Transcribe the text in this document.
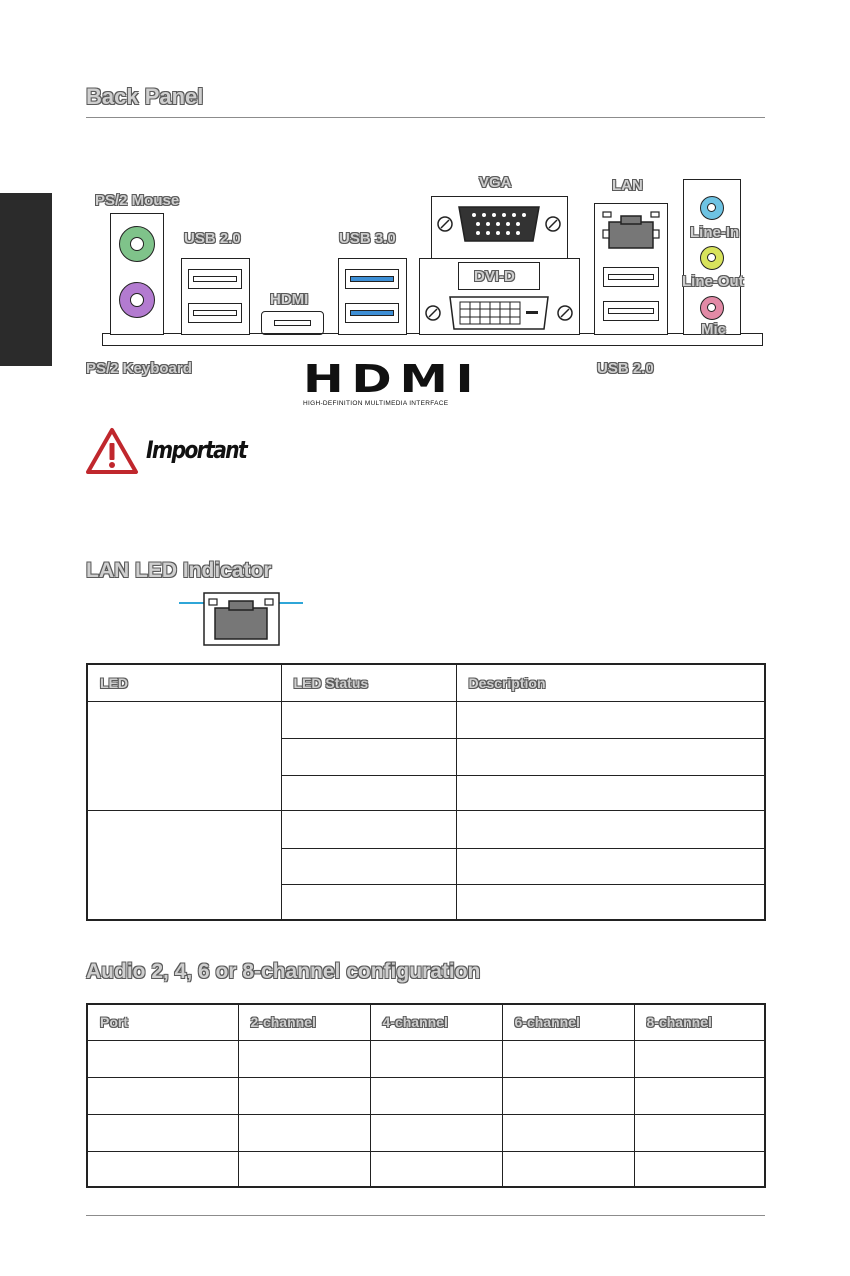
Back Panel
PS/2 Mouse
PS/2 Keyboard
USB 2.0	USB 3.0
HDMI
VGA
DVI-D
LAN
USB 2.0
Line-In
Line-Out
Mic
HDMI
HIGH-DEFINITION MULTIMEDIA INTERFACE
Important
LAN LED Indicator
LED	LED Status	Description

Audio 2, 4, 6 or 8-channel configuration
Port	2-channel	4-channel	6-channel	8-channel
